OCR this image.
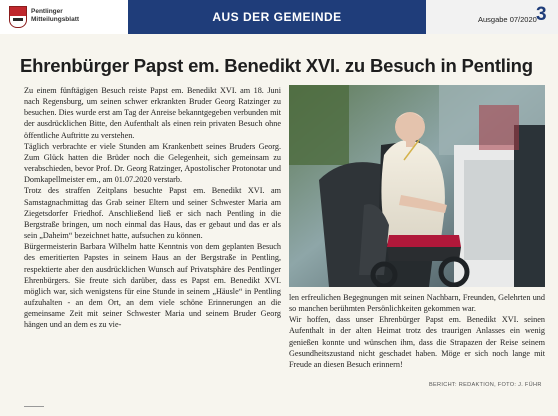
Pentlinger
Mitteilungsblatt	AUS DER GEMEINDE	Ausgabe 07/2020 3
Ehrenbürger Papst em. Benedikt XVI. zu Besuch in Pentling

Zu einem fünftägigen Besuch reiste Papst em. Benedikt XVI. am 18. Juni nach Regensburg, um seinen schwer erkrankten Bruder Georg Ratzinger zu besuchen. Dies wurde erst am Tag der Anreise bekanntgegeben verbunden mit der ausdrücklichen Bitte, den Aufenthalt als einen rein privaten Besuch ohne öffentliche Auftritte zu verstehen.

Täglich verbrachte er viele Stunden am Krankenbett seines Bruders Georg. Zum Glück hatten die Brüder noch die Gelegenheit, sich gemeinsam zu verabschieden, bevor Prof. Dr. Georg Ratzinger, Apostolischer Protonotar und Domkapellmeister em., am 01.07.2020 verstarb.

Trotz des straffen Zeitplans besuchte Papst em. Benedikt XVI. am Samstagnachmittag das Grab seiner Eltern und seiner Schwester Maria am Ziegetsdorfer Friedhof. Anschließend ließ er sich nach Pentling in die Bergstraße bringen, um noch einmal das Haus, das er gebaut und das er als sein „Daheim“ bezeichnet hatte, aufsuchen zu können.

Bürgermeisterin Barbara Wilhelm hatte Kenntnis von dem geplanten Besuch des emeritierten Papstes in seinem Haus an der Bergstraße in Pentling, respektierte aber den ausdrücklichen Wunsch auf Privatsphäre des Pentlinger Ehrenbürgers. Sie freute sich darüber, dass es Papst em. Benedikt XVI. möglich war, sich wenigstens für eine Stunde in seinem „Häusle“ in Pentling aufzuhalten - an dem Ort, an dem viele schöne Erinnerungen an die gemeinsame Zeit mit seiner Schwester Maria und seinem Bruder Georg hängen und an dem es zu vie-

len erfreulichen Begegnungen mit seinen Nachbarn, Freunden, Gelehrten und so manchen berühmten Persönlichkeiten gekommen war.

Wir hoffen, dass unser Ehrenbürger Papst em. Benedikt XVI. seinen Aufenthalt in der alten Heimat trotz des traurigen Anlasses ein wenig genießen konnte und wünschen ihm, dass die Strapazen der Reise seinem Gesundheitszustand nicht geschadet haben. Möge er sich noch lange mit Freude an diesen Besuch erinnern!

BERICHT: REDAKTION, FOTO: J. FÜHR
